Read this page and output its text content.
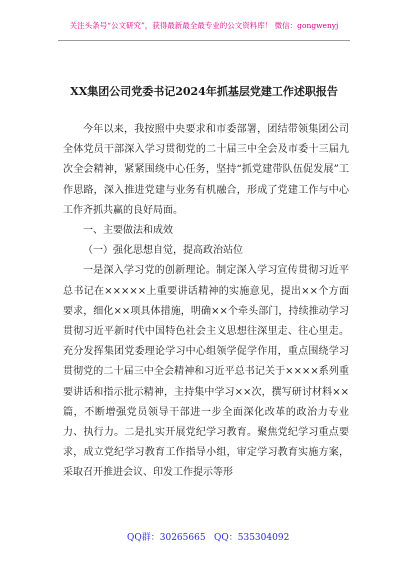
关注头条号“公文研究”，获得最新最全最专业的公文资料库！ 微信：gongwenyj
XX集团公司党委书记2024年抓基层党建工作述职报告

今年以来，我按照中央要求和市委部署，团结带领集团公司全体党员干部深入学习贯彻党的二十届三中全会及市委十三届九次全会精神，紧紧围绕中心任务，坚持“抓党建带队伍促发展”工作思路，深入推进党建与业务有机融合，形成了党建工作与中心工作齐抓共赢的良好局面。

一、主要做法和成效

（一）强化思想自觉，提高政治站位

一是深入学习党的创新理论。制定深入学习宣传贯彻习近平总书记在×××××上重要讲话精神的实施意见，提出××个方面要求，细化××项具体措施，明确××个牵头部门，持续推动学习贯彻习近平新时代中国特色社会主义思想往深里走、往心里走。充分发挥集团党委理论学习中心组领学促学作用，重点围绕学习贯彻党的二十届三中全会精神和习近平总书记关于××××系列重要讲话和指示批示精神，主持集中学习××次，撰写研讨材料××篇，不断增强党员领导干部进一步全面深化改革的政治力专业力、执行力。二是扎实开展党纪学习教育。聚焦党纪学习重点要求，成立党纪学习教育工作指导小组，审定学习教育实施方案，采取召开推进会议、印发工作提示等形

QQ群：30265665 QQ：535304092
